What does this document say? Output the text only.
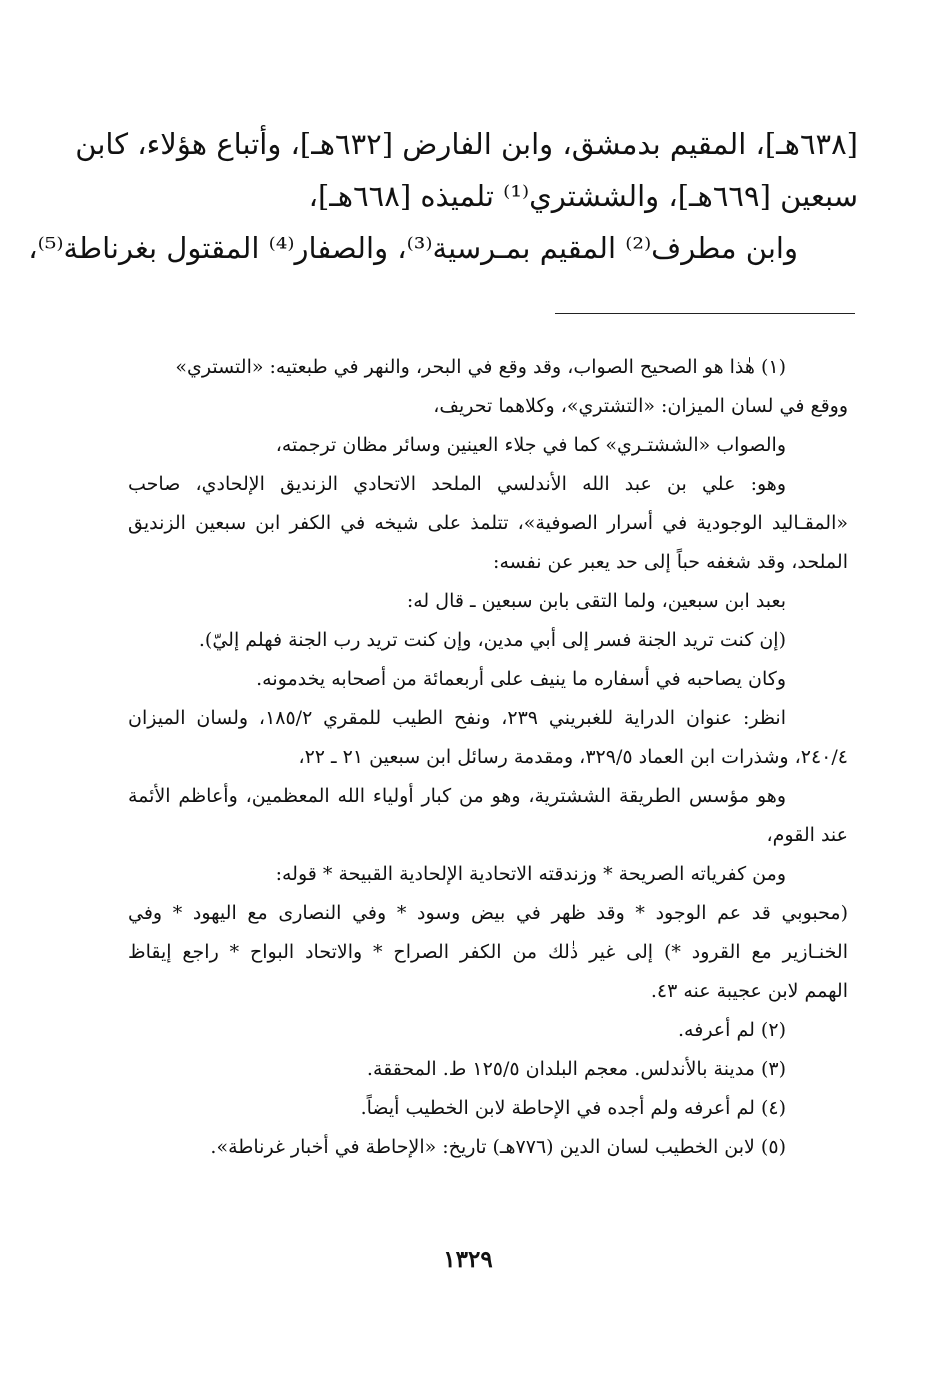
[٦٣٨هـ]، المقيم بدمشق، وابن الفارض [٦٣٢هـ]، وأتباع هؤلاء، كابن
سبعين [٦٦٩هـ]، والششتري⁽¹⁾ تلميذه [٦٦٨هـ]،
وابن مطرف⁽²⁾ المقيم بمـرسية⁽³⁾، والصفار⁽⁴⁾ المقتول بغرناطة⁽⁵⁾،
(١) هٰذا هو الصحيح الصواب، وقد وقع في البحر، والنهر في طبعتيه: «التستري»
ووقع في لسان الميزان: «التشتري»، وكلاهما تحريف،
والصواب «الششتـري» كما في جلاء العينين وسائر مظان ترجمته،
وهو: علي بن عبد الله الأندلسي الملحد الاتحادي الزنديق الإلحادي، صاحب
«المقـاليد الوجودية في أسرار الصوفية»، تتلمذ على شيخه في الكفر ابن سبعين الزنديق
الملحد، وقد شغفه حباً إلى حد يعبر عن نفسه:
بعبد ابن سبعين، ولما التقى بابن سبعين ـ قال له:
(إن كنت تريد الجنة فسر إلى أبي مدين، وإن كنت تريد رب الجنة فهلم إليّ).
وكان يصاحبه في أسفاره ما ينيف على أربعمائة من أصحابه يخدمونه.
انظر: عنوان الدراية للغبريني ٢٣٩، ونفح الطيب للمقري ١٨٥/٢، ولسان الميزان
٢٤٠/٤، وشذرات ابن العماد ٣٢٩/٥، ومقدمة رسائل ابن سبعين ٢١ ـ ٢٢،
وهو مؤسس الطريقة الششترية، وهو من كبار أولياء الله المعظمين، وأعاظم الأئمة
عند القوم،
ومن كفرياته الصريحة * وزندقته الاتحادية الإلحادية القبيحة * قوله:
(محبوبي قد عم الوجود * وقد ظهر في بيض وسود * وفي النصارى مع اليهود * وفي
الخنـازير مع القرود *) إلى غير ذٰلك من الكفر الصراح * والاتحاد البواح * راجع إيقاظ
الهمم لابن عجيبة عنه ٤٣.
(٢) لم أعرفه.
(٣) مدينة بالأندلس. معجم البلدان ١٢٥/٥ ط. المحققة.
(٤) لم أعرفه ولم أجده في الإحاطة لابن الخطيب أيضاً.
(٥) لابن الخطيب لسان الدين (٧٧٦هـ) تاريخ: «الإحاطة في أخبار غرناطة».
١٣٢٩
